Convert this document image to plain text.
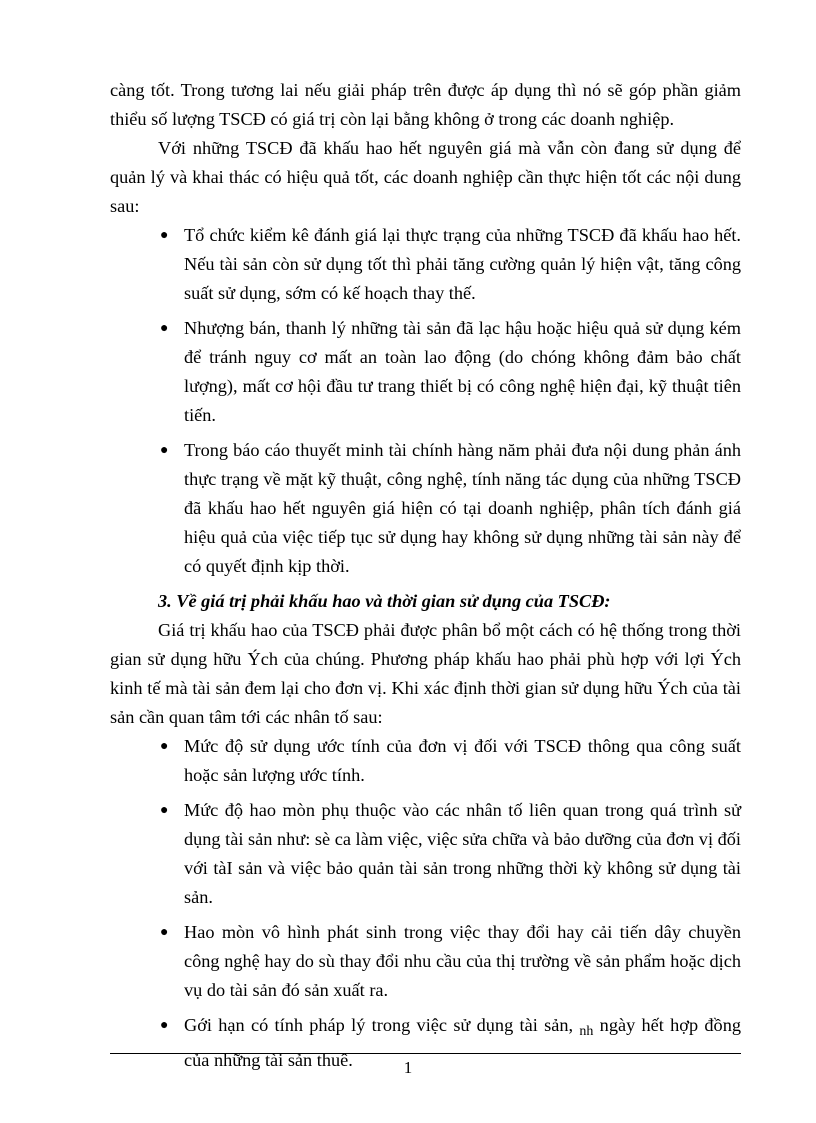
càng tốt. Trong tương lai nếu giải pháp trên được áp dụng thì nó sẽ góp phần giảm thiểu số lượng TSCĐ có giá trị còn lại bằng không ở trong các doanh nghiệp.

Với những TSCĐ đã khấu hao hết nguyên giá mà vẫn còn đang sử dụng để quản lý và khai thác có hiệu quả tốt, các doanh nghiệp cần thực hiện tốt các nội dung sau:

● Tổ chức kiểm kê đánh giá lại thực trạng của những TSCĐ đã khấu hao hết. Nếu tài sản còn sử dụng tốt thì phải tăng cường quản lý hiện vật, tăng công suất sử dụng, sớm có kế hoạch thay thế.
● Nhượng bán, thanh lý những tài sản đã lạc hậu hoặc hiệu quả sử dụng kém để tránh nguy cơ mất an toàn lao động (do chóng không đảm bảo chất lượng), mất cơ hội đầu tư trang thiết bị có công nghệ hiện đại, kỹ thuật tiên tiến.
● Trong báo cáo thuyết minh tài chính hàng năm phải đưa nội dung phản ánh thực trạng về mặt kỹ thuật, công nghệ, tính năng tác dụng của những TSCĐ đã khấu hao hết nguyên giá hiện có tại doanh nghiệp, phân tích đánh giá hiệu quả của việc tiếp tục sử dụng hay không sử dụng những tài sản này để có quyết định kịp thời.

3. Về giá trị phải khấu hao và thời gian sử dụng của TSCĐ:

Giá trị khấu hao của TSCĐ phải được phân bổ một cách có hệ thống trong thời gian sử dụng hữu Ých của chúng. Phương pháp khấu hao phải phù hợp với lợi Ých kinh tế mà tài sản đem lại cho đơn vị. Khi xác định thời gian sử dụng hữu Ých của tài sản cần quan tâm tới các nhân tố sau:

● Mức độ sử dụng ước tính của đơn vị đối với TSCĐ thông qua công suất hoặc sản lượng ước tính.
● Mức độ hao mòn phụ thuộc vào các nhân tố liên quan trong quá trình sử dụng tài sản như: sè ca làm việc, việc sửa chữa và bảo dưỡng của đơn vị đối với tàI sản và việc bảo quản tài sản trong những thời kỳ không sử dụng tài sản.
● Hao mòn vô hình phát sinh trong việc thay đổi hay cải tiến dây chuyền công nghệ hay do sù thay đổi nhu cầu của thị trường về sản phẩm hoặc dịch vụ do tài sản đó sản xuất ra.
● Gới hạn có tính pháp lý trong việc sử dụng tài sản, $_{nh}$ ngày hết hợp đồng của những tài sản thuê.	1
